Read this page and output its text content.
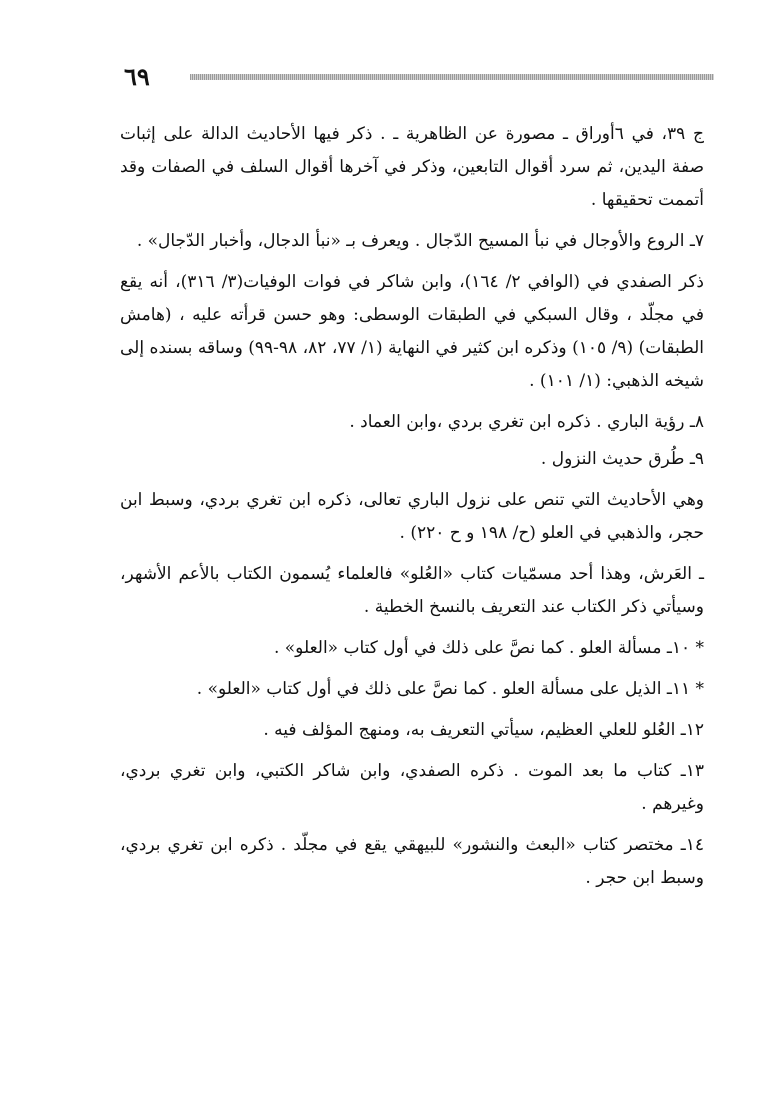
٦٩

ج ٣٩، في ٦أوراق ـ مصورة عن الظاهرية ـ . ذكر فيها الأحاديث الدالة على إثبات صفة اليدين، ثم سرد أقوال التابعين، وذكر في آخرها أقوال السلف في الصفات وقد أتممت تحقيقها .

٧ـ الروع والأوجال في نبأ المسيح الدّجال . ويعرف بـ «نبأ الدجال، وأخبار الدّجال» .

ذكر الصفدي في (الوافي ٢/ ١٦٤)، وابن شاكر في فوات الوفيات(٣/ ٣١٦)، أنه يقع في مجلّد ، وقال السبكي في الطبقات الوسطى: وهو حسن قرأته عليه ، (هامش الطبقات) (٩/ ١٠٥) وذكره ابن كثير في النهاية (١/ ٧٧، ٨٢، ٩٨-٩٩) وساقه بسنده إلى شيخه الذهبي: (١/ ١٠١) .

٨ـ رؤية الباري . ذكره ابن تغري بردي ،وابن العماد .

٩ـ طُرق حديث النزول .

وهي الأحاديث التي تنص على نزول الباري تعالى، ذكره ابن تغري بردي، وسبط ابن حجر، والذهبي في العلو (ح/ ١٩٨ و ح ٢٢٠) .

ـ العَرش، وهذا أحد مسمّيات كتاب «العُلو» فالعلماء يُسمون الكتاب بالأعم الأشهر، وسيأتي ذكر الكتاب عند التعريف بالنسخ الخطية .

* ١٠ـ مسألة العلو . كما نصَّ على ذلك في أول كتاب «العلو» .

* ١١ـ الذيل على مسألة العلو . كما نصَّ على ذلك في أول كتاب «العلو» .

١٢ـ العُلو للعلي العظيم، سيأتي التعريف به، ومنهج المؤلف فيه .

١٣ـ كتاب ما بعد الموت . ذكره الصفدي، وابن شاكر الكتبي، وابن تغري بردي، وغيرهم .

١٤ـ مختصر كتاب «البعث والنشور» للبيهقي يقع في مجلّد . ذكره ابن تغري بردي، وسبط ابن حجر .
